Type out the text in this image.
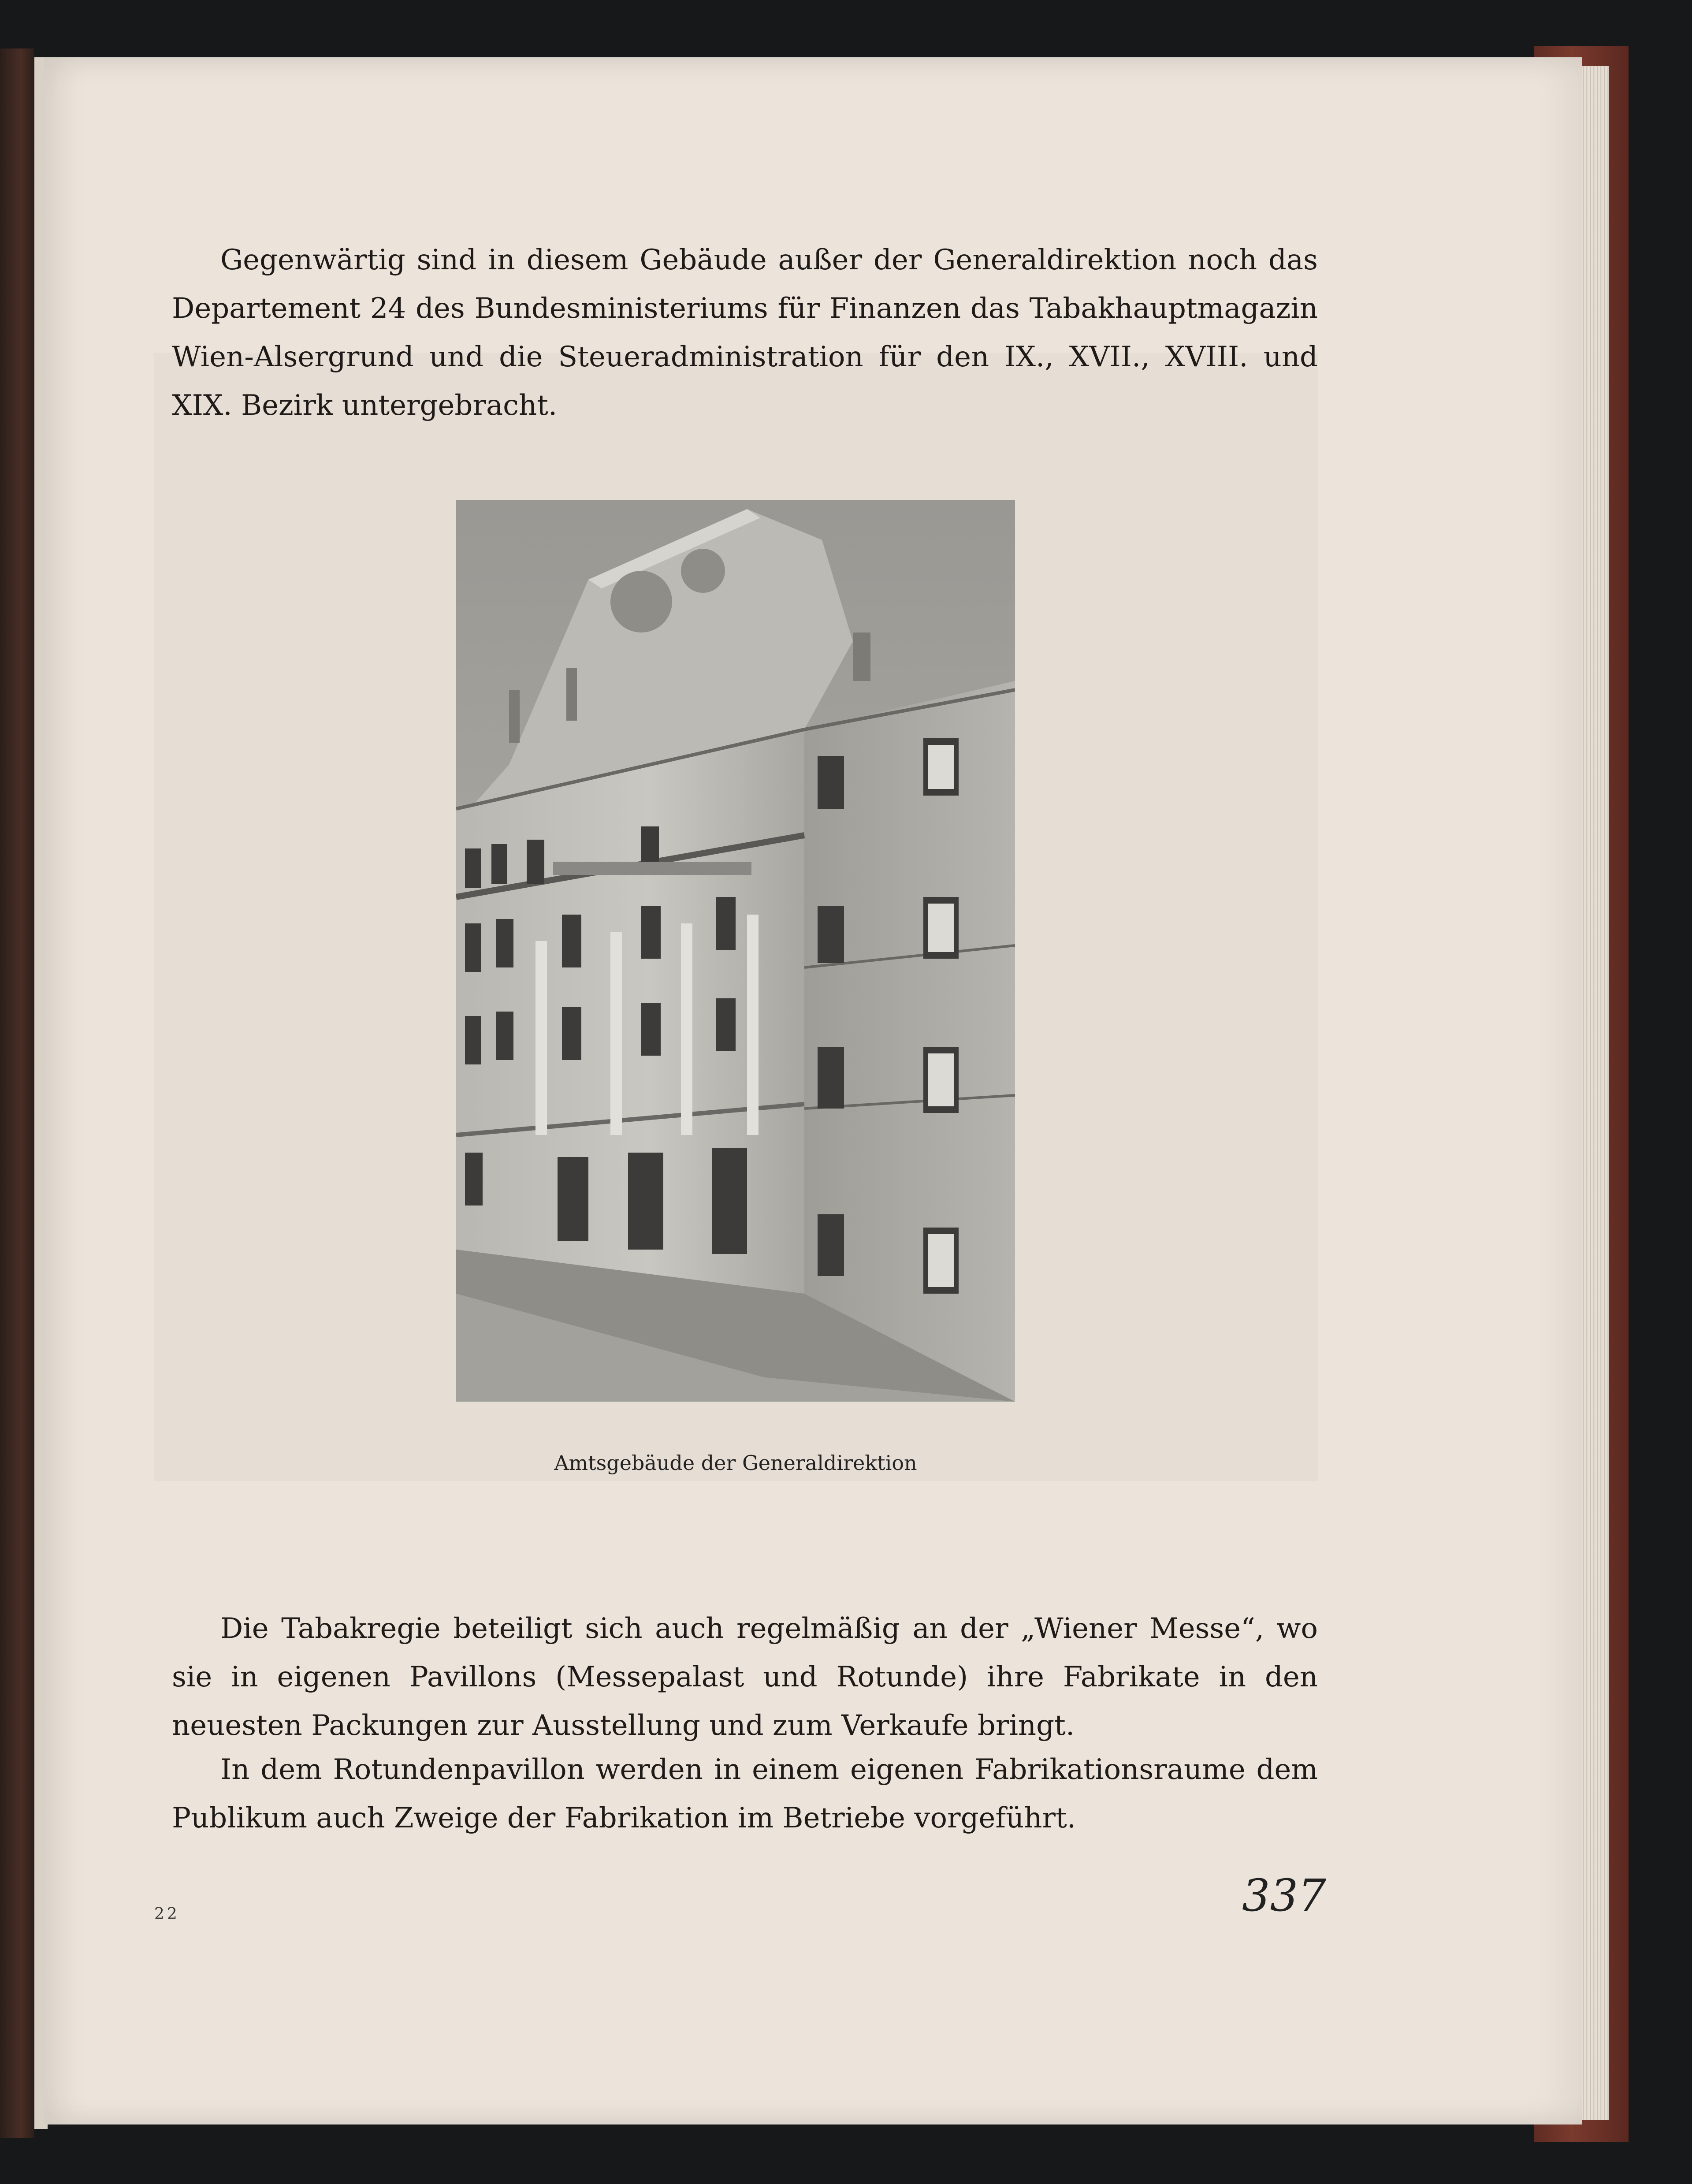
Gegenwärtig sind in diesem Gebäude außer der Generaldirektion noch das Departement 24 des Bundesministeriums für Finanzen das Tabakhauptmagazin Wien-Alsergrund und die Steueradministration für den IX., XVII., XVIII. und XIX. Bezirk untergebracht.

Amtsgebäude der Generaldirektion

Die Tabakregie beteiligt sich auch regelmäßig an der „Wiener Messe“, wo sie in eigenen Pavillons (Messepalast und Rotunde) ihre Fabrikate in den neuesten Packungen zur Ausstellung und zum Verkaufe bringt.

In dem Rotundenpavillon werden in einem eigenen Fabrikationsraume dem Publikum auch Zweige der Fabrikation im Betriebe vorgeführt.

22	337
